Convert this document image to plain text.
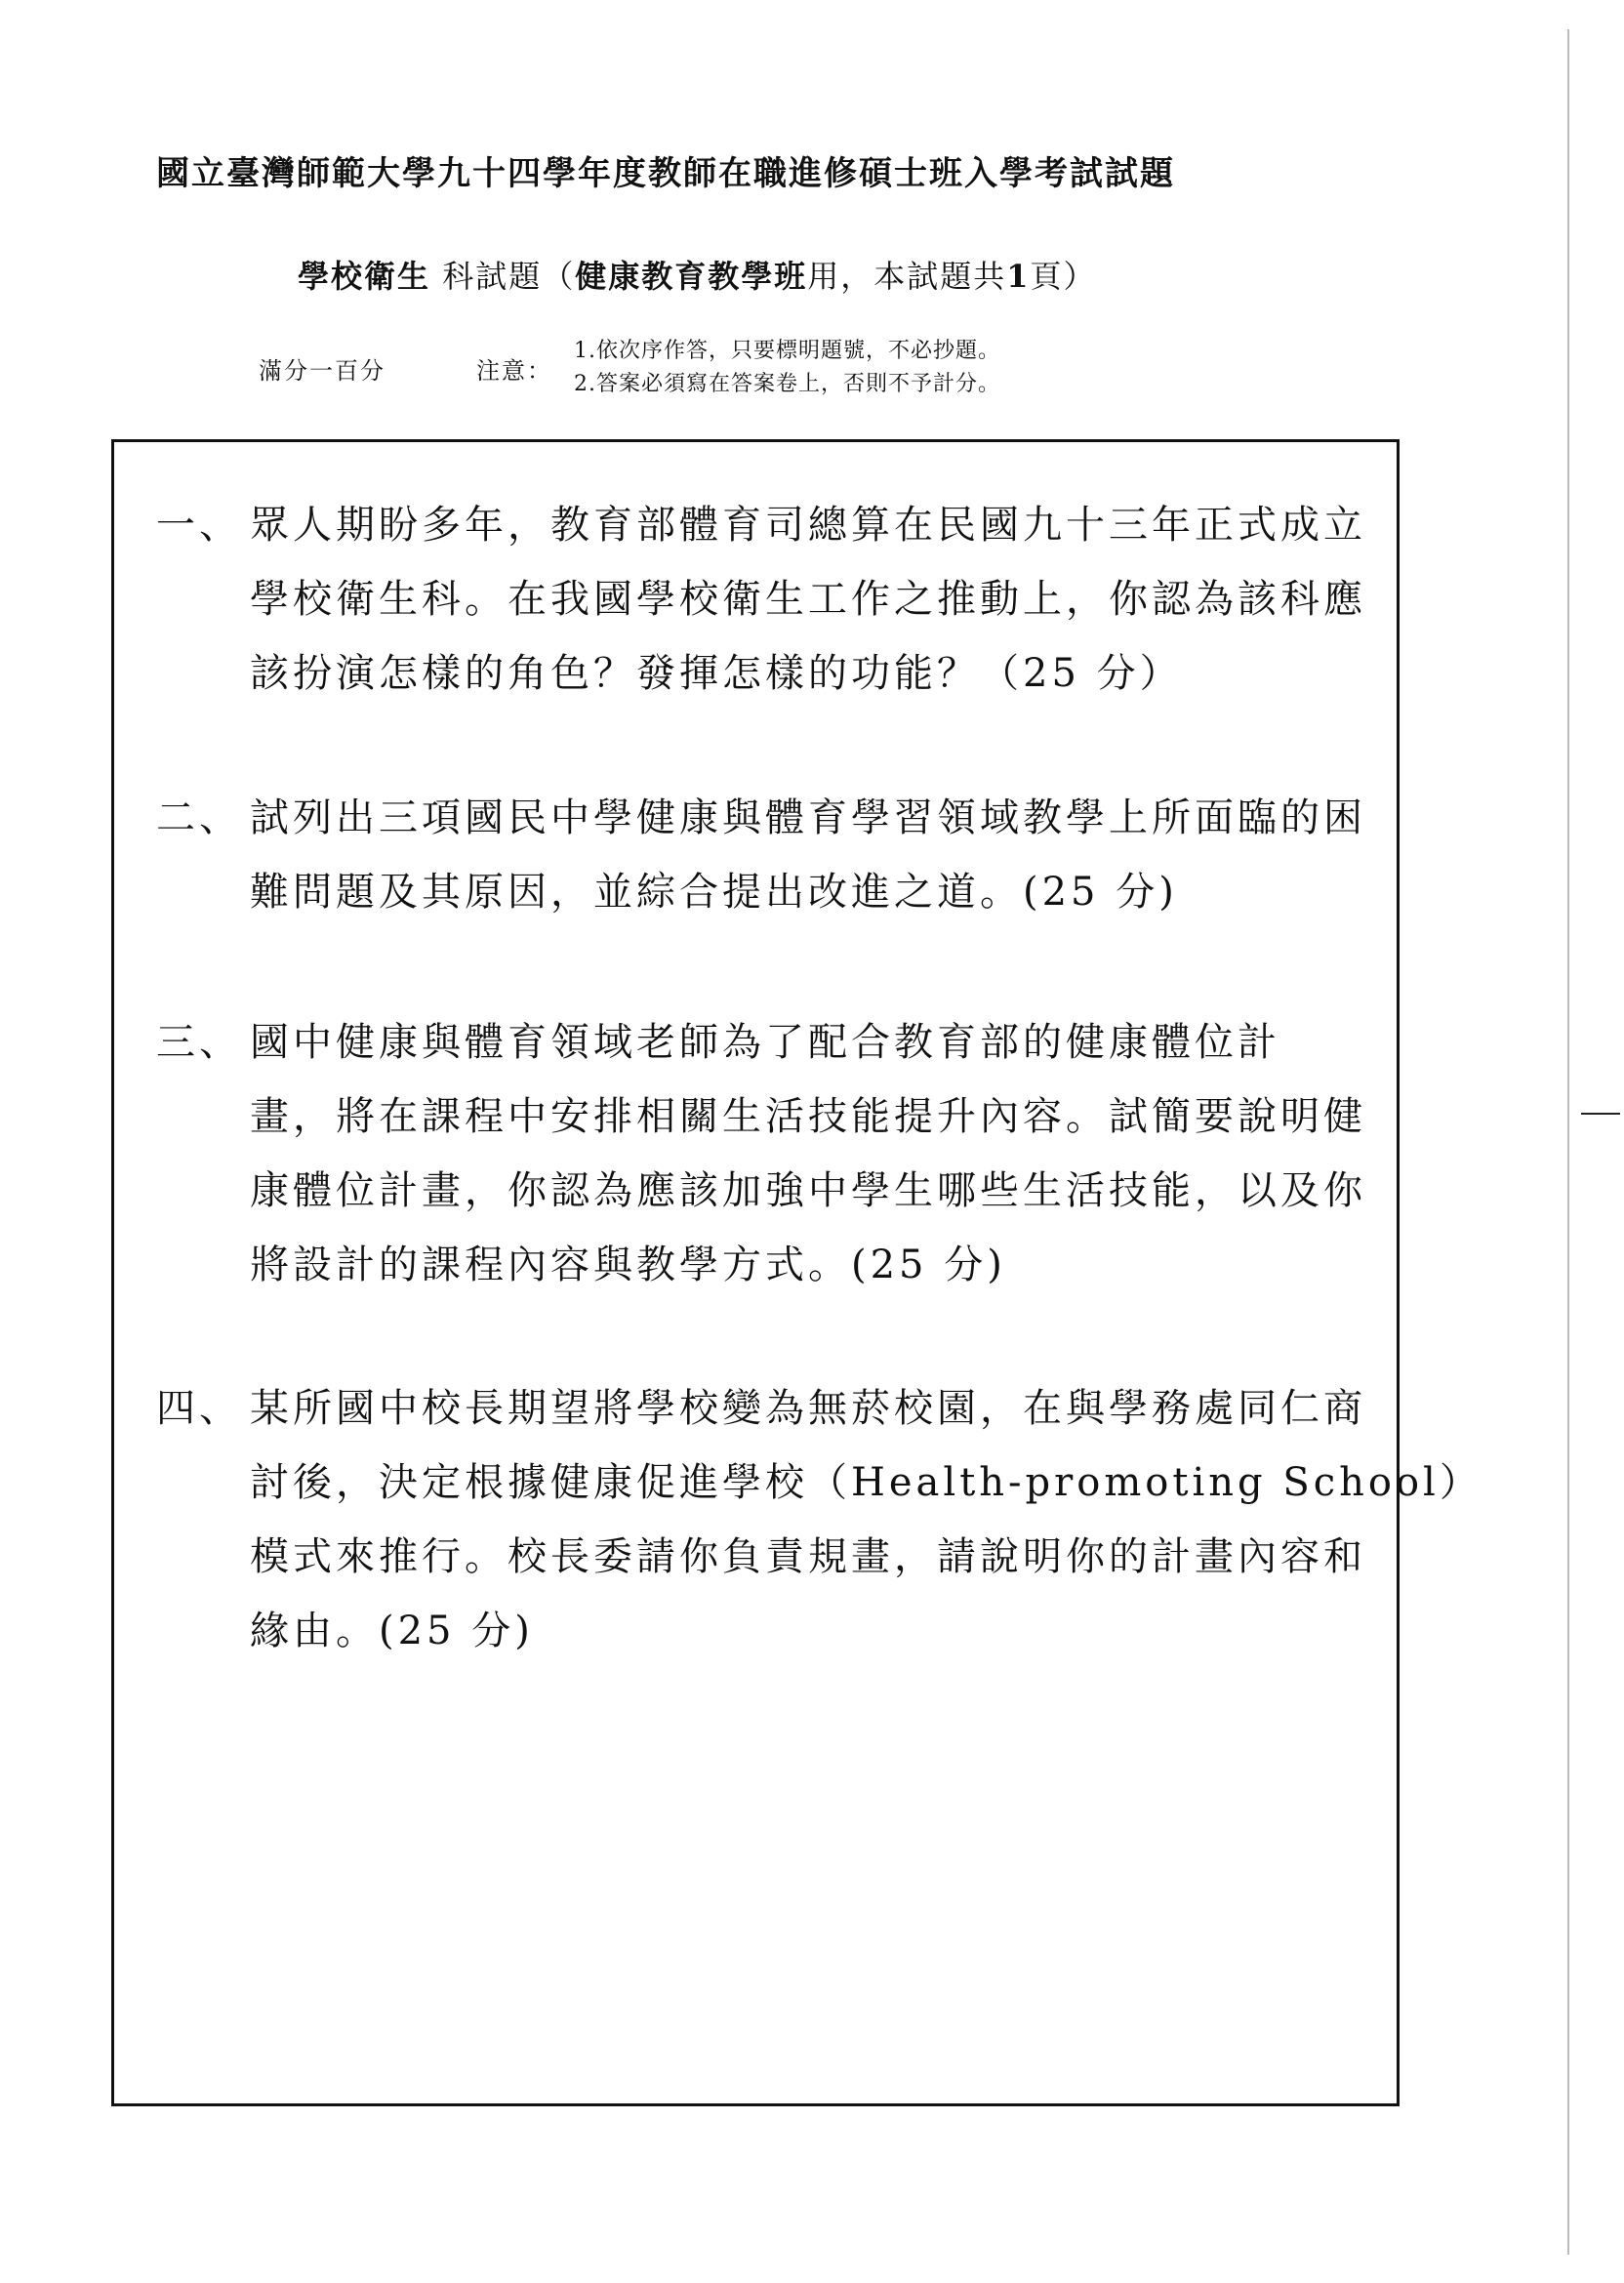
國立臺灣師範大學九十四學年度教師在職進修碩士班入學考試試題
學校衛生 科試題（健康教育教學班用，本試題共1頁）
滿分一百分	注意：
1.依次序作答，只要標明題號，不必抄題。
2.答案必須寫在答案卷上，否則不予計分。
一、 眾人期盼多年，教育部體育司總算在民國九十三年正式成立
學校衛生科。在我國學校衛生工作之推動上，你認為該科應
該扮演怎樣的角色？發揮怎樣的功能？（25 分）
二、 試列出三項國民中學健康與體育學習領域教學上所面臨的困
難問題及其原因，並綜合提出改進之道。(25 分)
三、 國中健康與體育領域老師為了配合教育部的健康體位計
畫，將在課程中安排相關生活技能提升內容。試簡要說明健
康體位計畫，你認為應該加強中學生哪些生活技能，以及你
將設計的課程內容與教學方式。(25 分)
四、 某所國中校長期望將學校變為無菸校園，在與學務處同仁商
討後，決定根據健康促進學校（Health-promoting School）
模式來推行。校長委請你負責規畫，請說明你的計畫內容和
緣由。(25 分)
